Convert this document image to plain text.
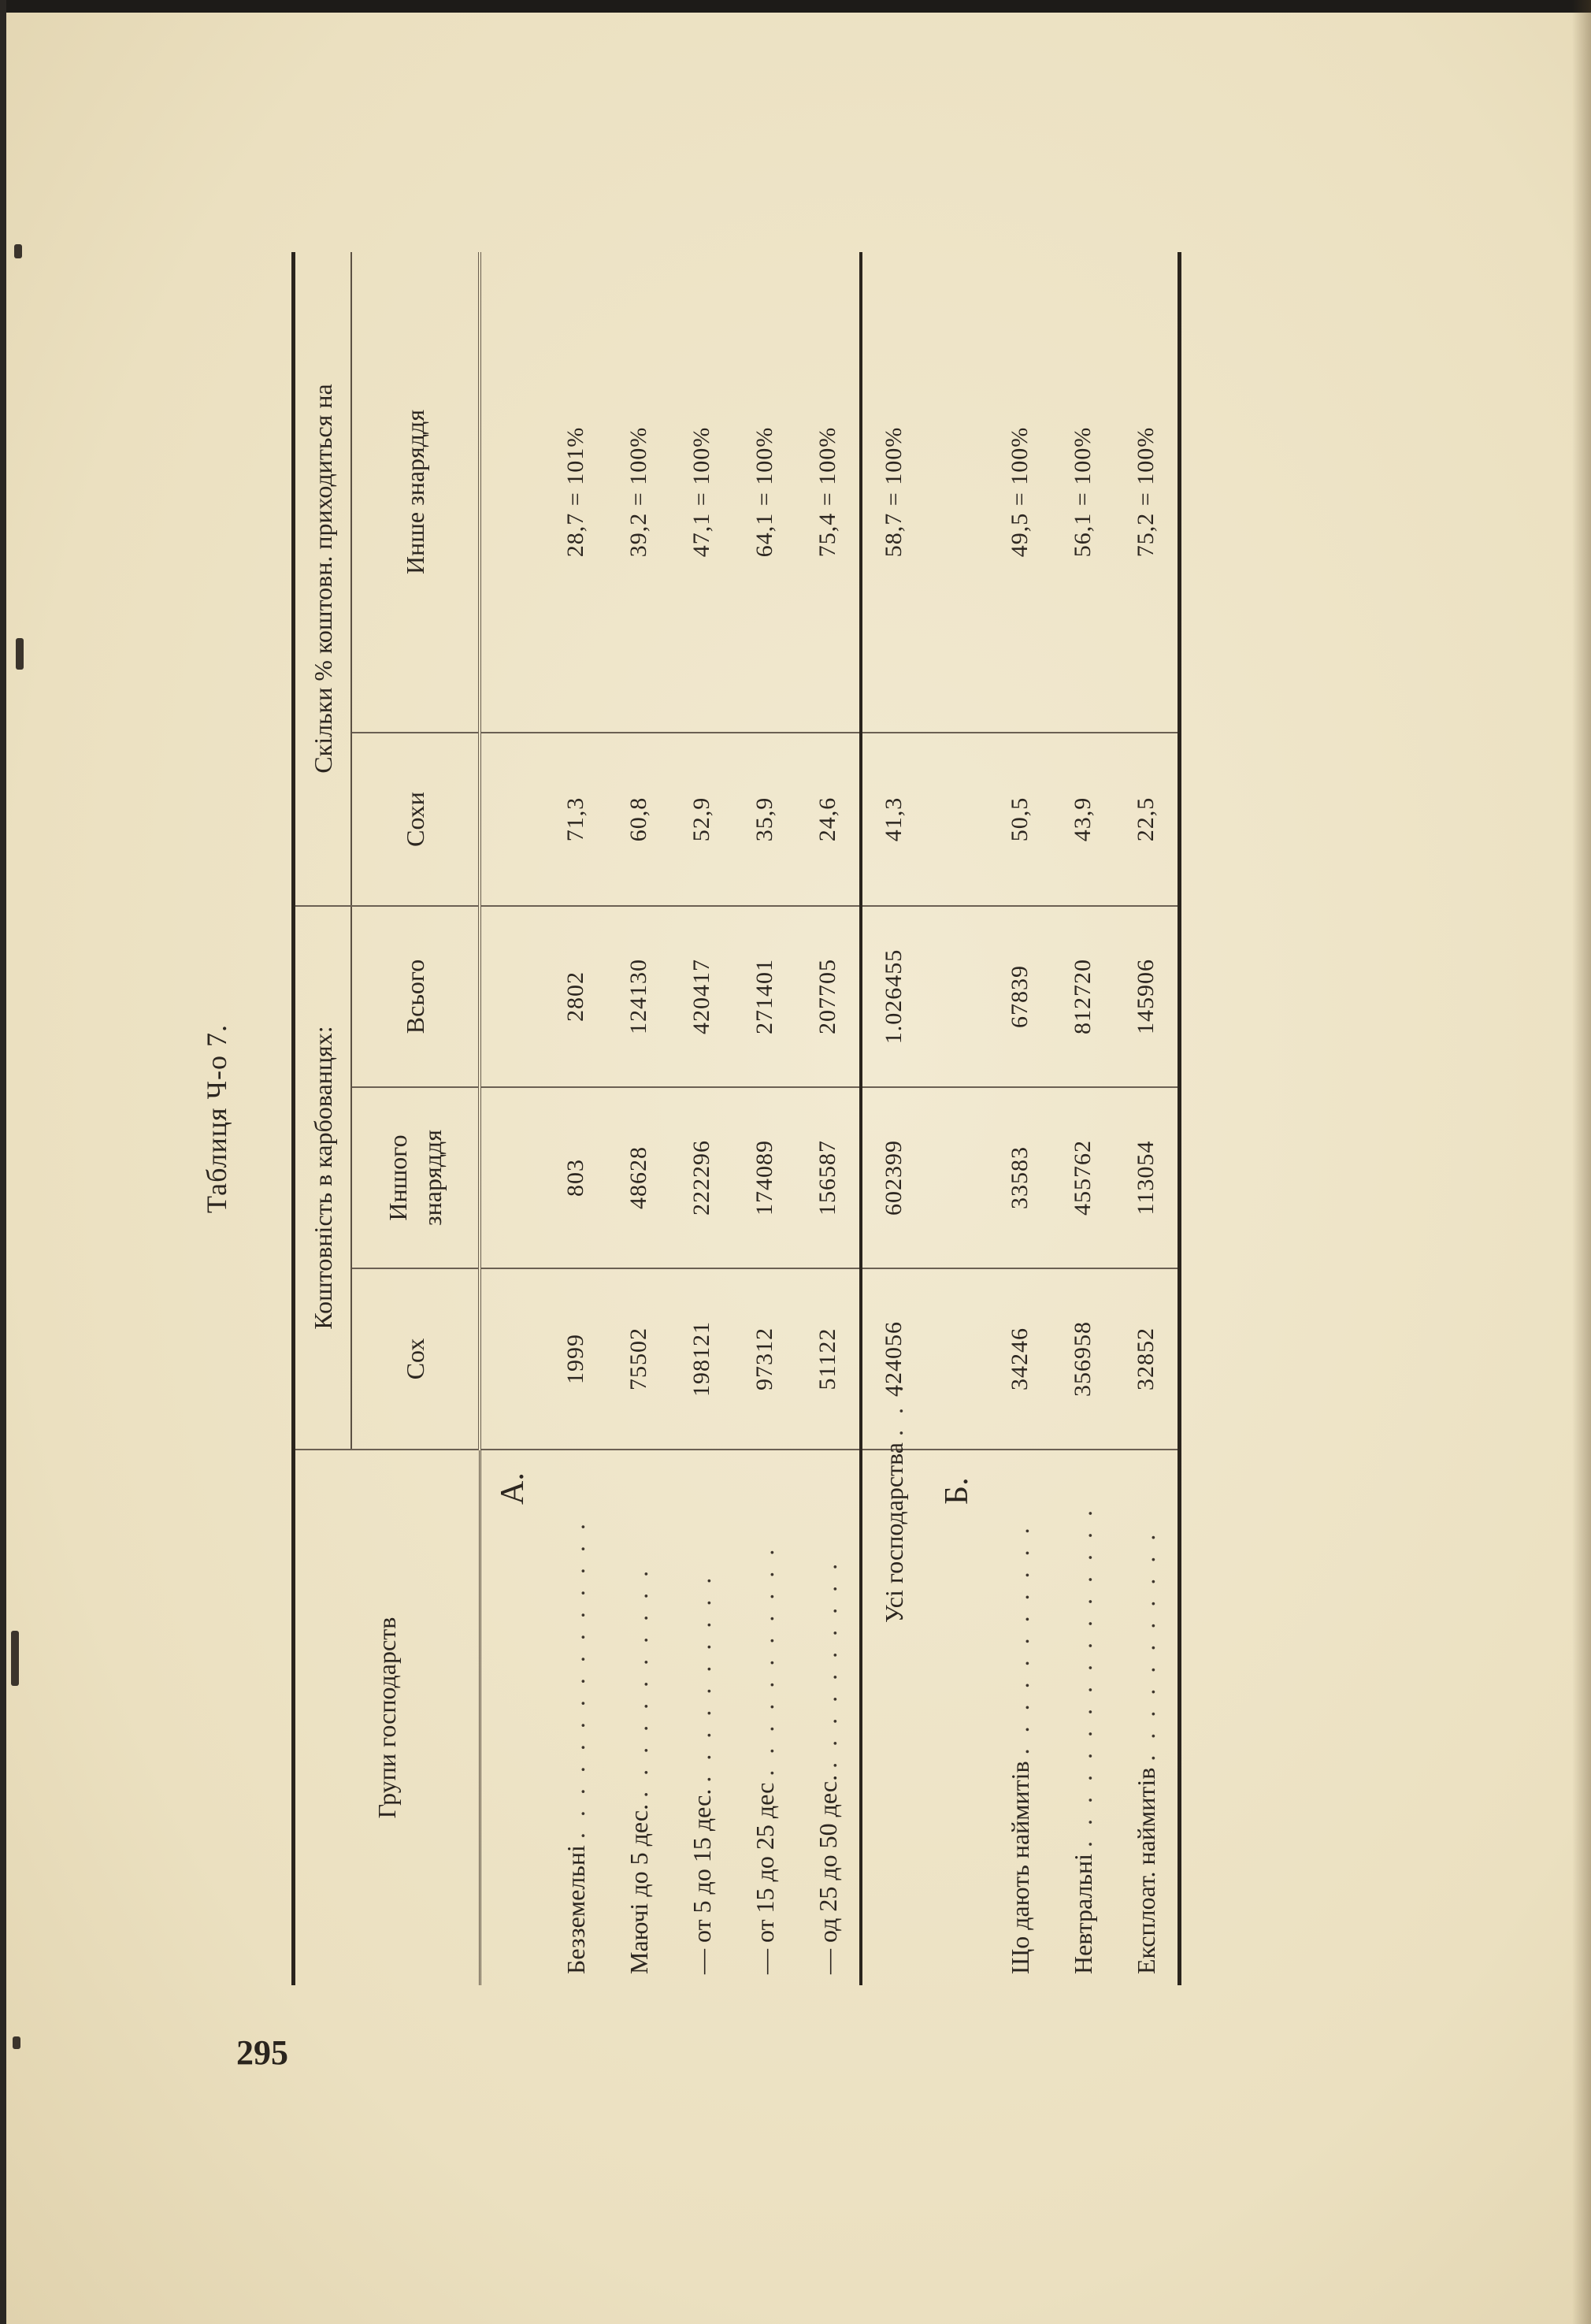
Таблиця Ч-о 7.
Групи господарств	Коштовність в карбованцях:			Скільки % коштовн. приходиться на	
	Сох	Иншого знаряддя	Всього	Сохи	Инше знаряддя
А.					
Безземельні . . . . . . . . . . . . . . .	1999	803	2802	71,3	28,7 = 101%
Маючі до 5 дес. . . . . . . . . . . .	75502	48628	124130	60,8	39,2 = 100%
— от 5 до 15 дес. . . . . . . . . . .	198121	222296	420417	52,9	47,1 = 100%
— от 15 до 25 дес . . . . . . . . . . .	97312	174089	271401	35,9	64,1 = 100%
— од 25 до 50 дес. . . . . . . . . . .	51122	156587	207705	24,6	75,4 = 100%
Усі господарства . . .	424056	602399	1.026455	41,3	58,7 = 100%
Б.					
Що дають наймитів . . . . . . . . . . .	34246	33583	67839	50,5	49,5 = 100%
Невтральні . . . . . . . . . . . . . . . .	356958	455762	812720	43,9	56,1 = 100%
Експлоат. наймитів . . . . . . . . . . .	32852	113054	145906	22,5	75,2 = 100%
295
